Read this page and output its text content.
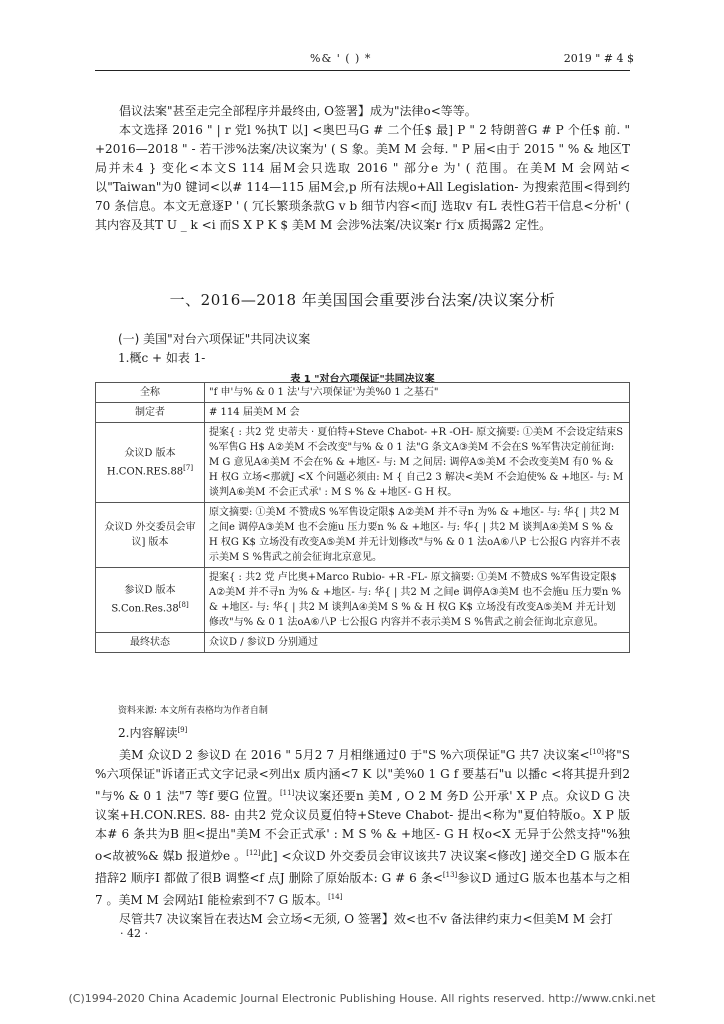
%& ' ( ) *	2019 " # 4 $

倡议法案"甚至走完全部程序并最终由, O签署】成为"法律o<等等。

本文选择 2016 " | r 党l %执T 以] <奥巴马G # 二个任$ 最] P " 2 特朗普G # P 个任$ 前. " +2016—2018 " - 若干涉%法案/决议案为' ( S 象。美M M 会每. " P 届<由于 2015 " % & 地区T 局并未4 } 变化<本文S 114 届M会只选取 2016 " 部分e 为' ( 范围。在美M M 会网站<以"Taiwan"为0 键词<以# 114—115 届M会,p 所有法规o+All Legislation- 为搜索范围<得到约 70 条信息。本文无意逐P ' ( 冗长繁琐条款G v b 细节内容<而J 选取v 有L 表性G若干信息<分析' ( 其内容及其T U _ k <i 而S X P K $ 美M M 会涉%法案/决议案r 行x 质揭露2 定性。

一、2016—2018 年美国国会重要涉台法案/决议案分析
(一) 美国"对台六项保证"共同决议案
1.概c + 如表 1-
表 1 "对台六项保证"共同决议案
全称	"f 申'与% & 0 1 法'与'六项保证'为美%0 1 之基石"
制定者	# 114 届美M M 会
众议D 版本 H.CON.RES.88[7]	提案{ : 共2 党 史蒂夫 · 夏伯特+Steve Chabot- +R -OH- 原文摘要: ①美M 不会设定结束S %军售G H$ A②美M 不会改变"与% & 0 1 法"G 条文A③美M 不会在S %军售决定前征询: M G 意见A④美M 不会在% & +地区- 与: M 之间居: 调停A⑤美M 不会改变美M 有0 % & H 权G 立场<那就J <X 个问题必须由: M { 自己2 3 解决<美M 不会迫使% & +地区- 与: M 谈判A⑥美M 不会正式承' : M S % & +地区- G H 权。
众议D 外交委员会审议] 版本	原文摘要: ①美M 不赞成S %军售设定限$ A②美M 并不寻n 为% & +地区- 与: 华{ | 共2 M 之间e 调停A③美M 也不会施u 压力要n % & +地区- 与: 华{ | 共2 M 谈判A④美M S % & H 权G K$ 立场没有改变A⑤美M 并无计划修改"与% & 0 1 法oA⑥八P 七公报G 内容并不表示美M S %售武之前会征询北京意见。
参议D 版本 S.Con.Res.38[8]	提案{ : 共2 党 卢比奥+Marco Rubio- +R -FL- 原文摘要: ①美M 不赞成S %军售设定限$ A②美M 并不寻n 为% & +地区- 与: 华{ | 共2 M 之间e 调停A③美M 也不会施u 压力要n % & +地区- 与: 华{ | 共2 M 谈判A④美M S % & H 权G K$ 立场没有改变A⑤美M 并无计划修改"与% & 0 1 法oA⑥八P 七公报G 内容并不表示美M S %售武之前会征询北京意见。
最终状态	众议D / 参议D 分别通过
资料来源: 本文所有表格均为作者自制
2.内容解读[9]

美M 众议D 2 参议D 在 2016 " 5月2 7 月相继通过0 于"S %六项保证"G 共7 决议案<[10]将"S %六项保证"诉诸正式文字记录<列出x 质内涵<7 K 以"美%0 1 G f 要基石"u 以播c <将其提升到2 "与% & 0 1 法"7 等f 要G 位置。[11]决议案还要n 美M , O 2 M 务D 公开承' X P 点。众议D G 决议案+H.CON.RES. 88- 由共2 党众议员夏伯特+Steve Chabot- 提出<称为"夏伯特版o。X P 版本# 6 条共为B 胆<提出"美M 不会正式承' : M S % & +地区- G H 权o<X 无异于公然支持"%独o<故被%& 媒b 报道炒e 。[12]此] <众议D 外交委员会审议该共7 决议案<修改] 递交全D G 版本在措辞2 顺序I 都做了很B 调整<f 点J 删除了原始版本: G # 6 条<[13]参议D 通过G 版本也基本与之相7 。美M M 会网站I 能检索到不7 G 版本。[14]

尽管共7 决议案旨在表达M 会立场<无须, O 签署】效<也不v 备法律约束力<但美M M 会打

· 42 ·
(C)1994-2020 China Academic Journal Electronic Publishing House. All rights reserved. http://www.cnki.net
